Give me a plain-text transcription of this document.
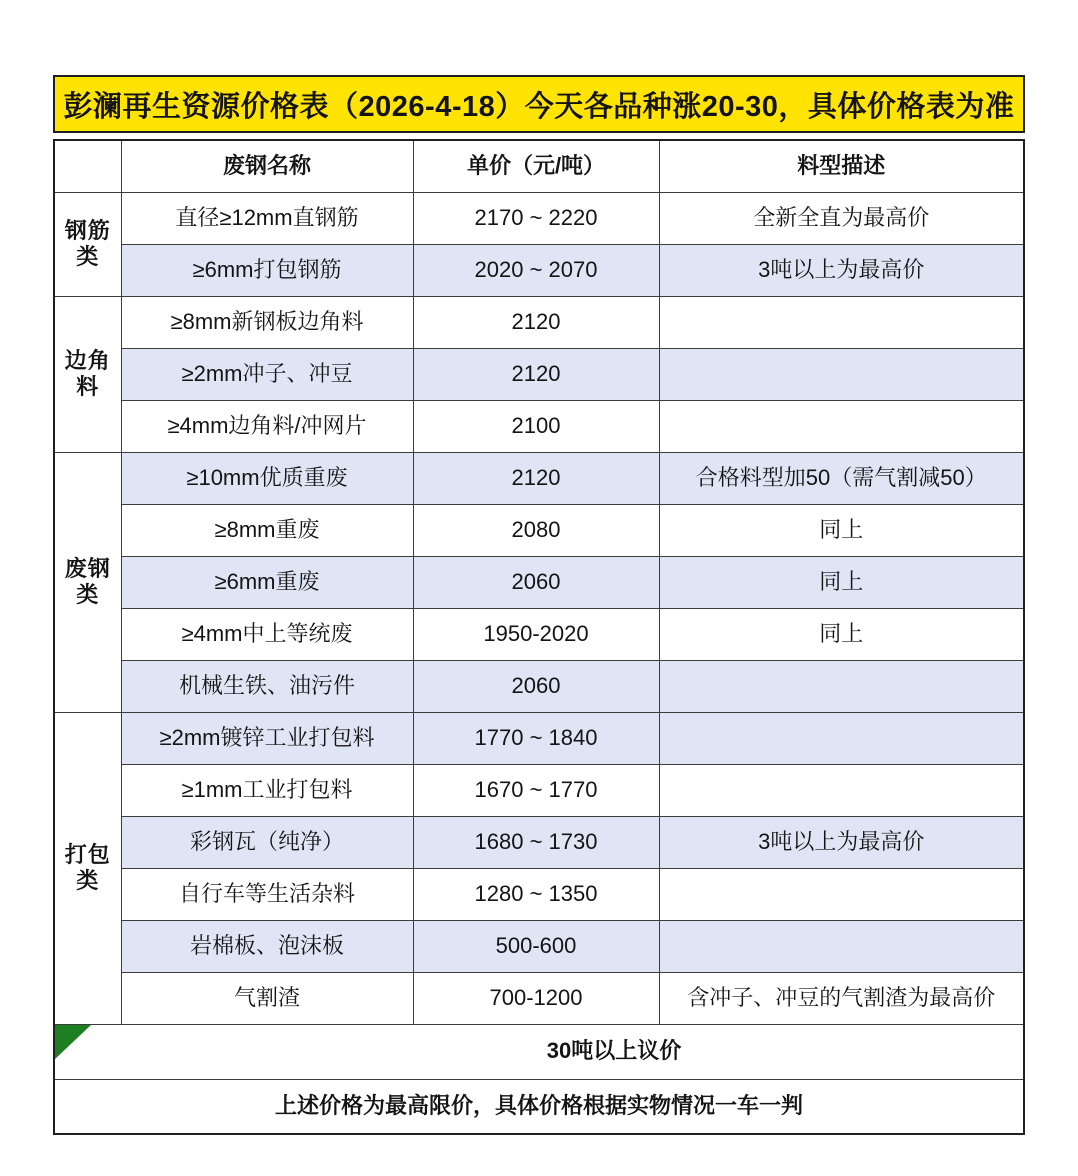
彭澜再生资源价格表（2026-4-18）今天各品种涨20-30，具体价格表为准
	废钢名称	单价（元/吨）	料型描述
钢筋类	直径≥12mm直钢筋	2170 ~ 2220	全新全直为最高价
	≥6mm打包钢筋	2020 ~ 2070	3吨以上为最高价
边角料	≥8mm新钢板边角料	2120	
	≥2mm冲子、冲豆	2120	
	≥4mm边角料/冲网片	2100	
废钢类	≥10mm优质重废	2120	合格料型加50（需气割减50）
	≥8mm重废	2080	同上
	≥6mm重废	2060	同上
	≥4mm中上等统废	1950-2020	同上
	机械生铁、油污件	2060	
打包类	≥2mm镀锌工业打包料	1770 ~ 1840	
	≥1mm工业打包料	1670 ~ 1770	
	彩钢瓦（纯净）	1680 ~ 1730	3吨以上为最高价
	自行车等生活杂料	1280 ~ 1350	
	岩棉板、泡沫板	500-600	
	气割渣	700-1200	含冲子、冲豆的气割渣为最高价

30吨以上议价			
上述价格为最高限价，具体价格根据实物情况一车一判			
